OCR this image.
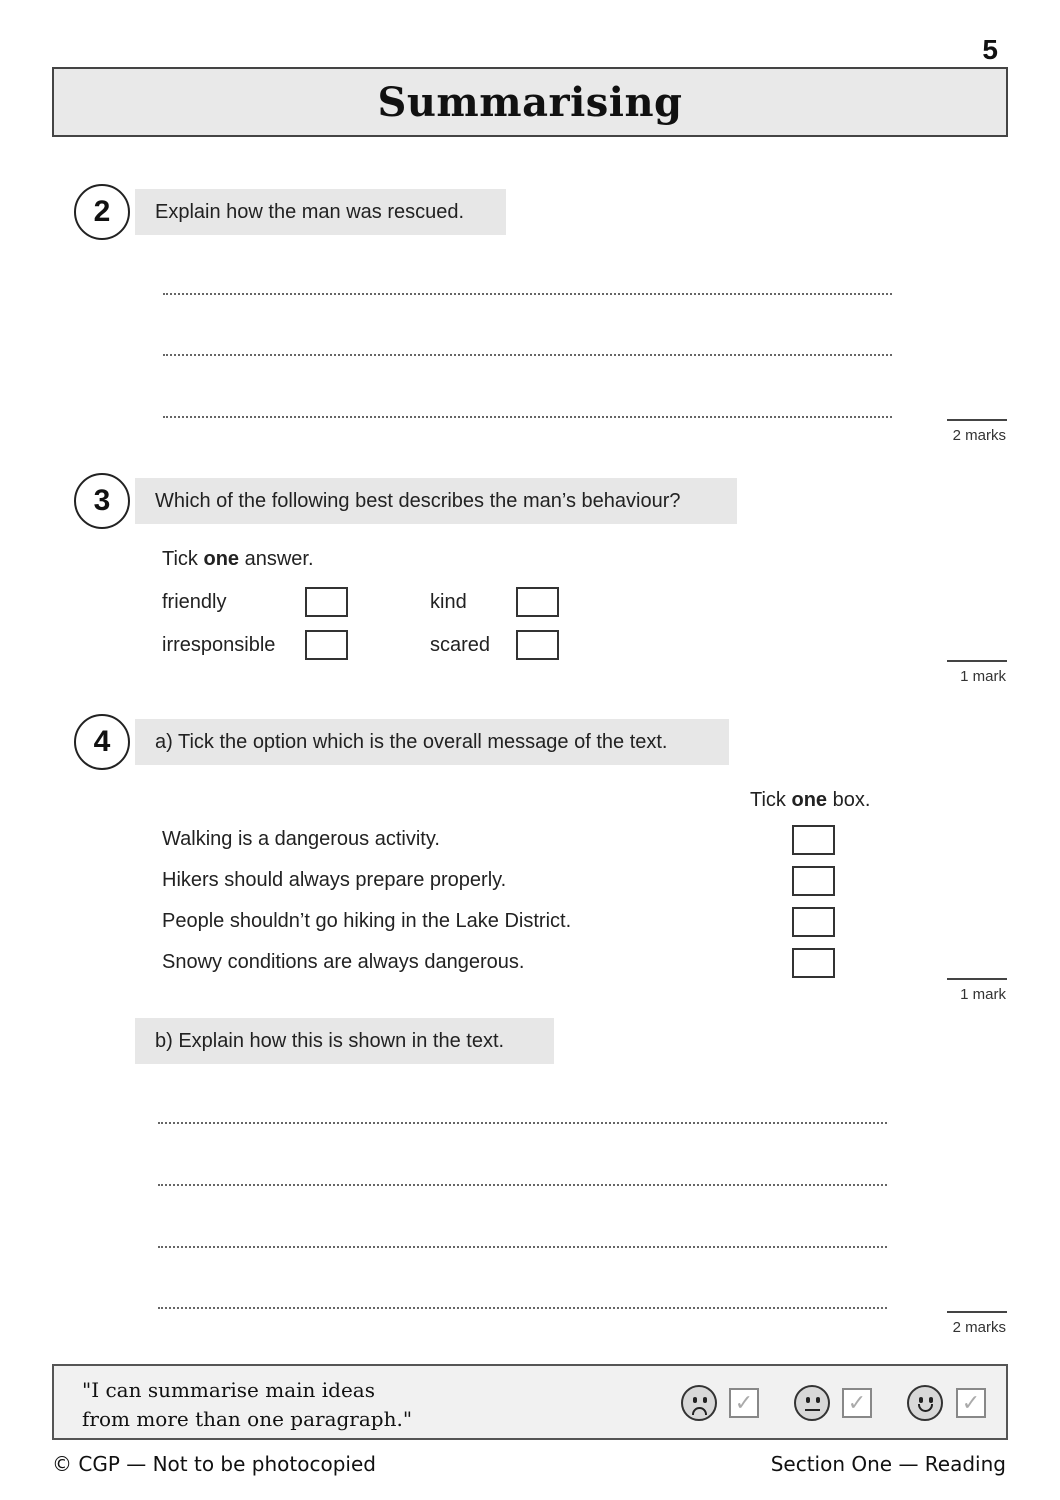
5
Summarising
2	Explain how the man was rescued.
2 marks
3	Which of the following best describes the man’s behaviour?
Tick one answer.
friendly	kind
irresponsible	scared
1 mark
4	a) Tick the option which is the overall message of the text.
Tick one box.
Walking is a dangerous activity.
Hikers should always prepare properly.
People shouldn’t go hiking in the Lake District.
Snowy conditions are always dangerous.
1 mark
b) Explain how this is shown in the text.
2 marks
"I can summarise main ideas
from more than one paragraph."
✓	✓	✓
© CGP — Not to be photocopied	Section One — Reading
